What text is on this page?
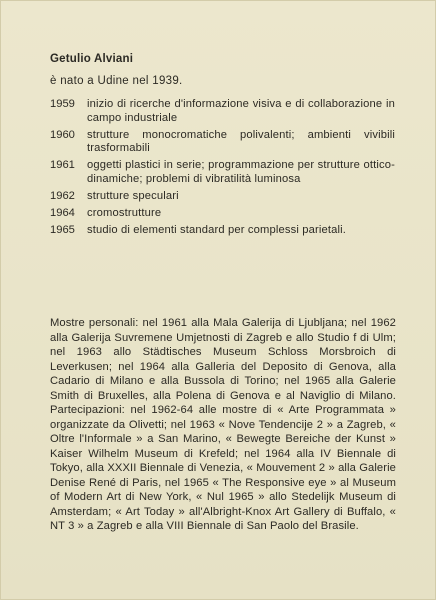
Getulio Alviani
è nato a Udine nel 1939.
1959	inizio di ricerche d'informazione visiva e di collaborazione in campo industriale
1960	strutture monocromatiche polivalenti; ambienti vivibili trasformabili
1961	oggetti plastici in serie; programmazione per strutture ottico-dinamiche; problemi di vibratilità luminosa
1962	strutture speculari
1964	cromostrutture
1965	studio di elementi standard per complessi parietali.
Mostre personali: nel 1961 alla Mala Galerija di Ljubljana; nel 1962 alla Galerija Suvremene Umjetnosti di Zagreb e allo Studio f di Ulm; nel 1963 allo Städtisches Museum Schloss Morsbroich di Leverkusen; nel 1964 alla Galleria del Deposito di Genova, alla Cadario di Milano e alla Bussola di Torino; nel 1965 alla Galerie Smith di Bruxelles, alla Polena di Genova e al Naviglio di Milano. Partecipazioni: nel 1962-64 alle mostre di « Arte Programmata » organizzate da Olivetti; nel 1963 « Nove Tendencije 2 » a Zagreb, « Oltre l'Informale » a San Marino, « Bewegte Bereiche der Kunst » Kaiser Wilhelm Museum di Krefeld; nel 1964 alla IV Biennale di Tokyo, alla XXXII Biennale di Venezia, « Mouvement 2 » alla Galerie Denise René di Paris, nel 1965 « The Responsive eye » al Museum of Modern Art di New York, « Nul 1965 » allo Stedelijk Museum di Amsterdam; « Art Today » all'Albright-Knox Art Gallery di Buffalo, « NT 3 » a Zagreb e alla VIII Biennale di San Paolo del Brasile.
